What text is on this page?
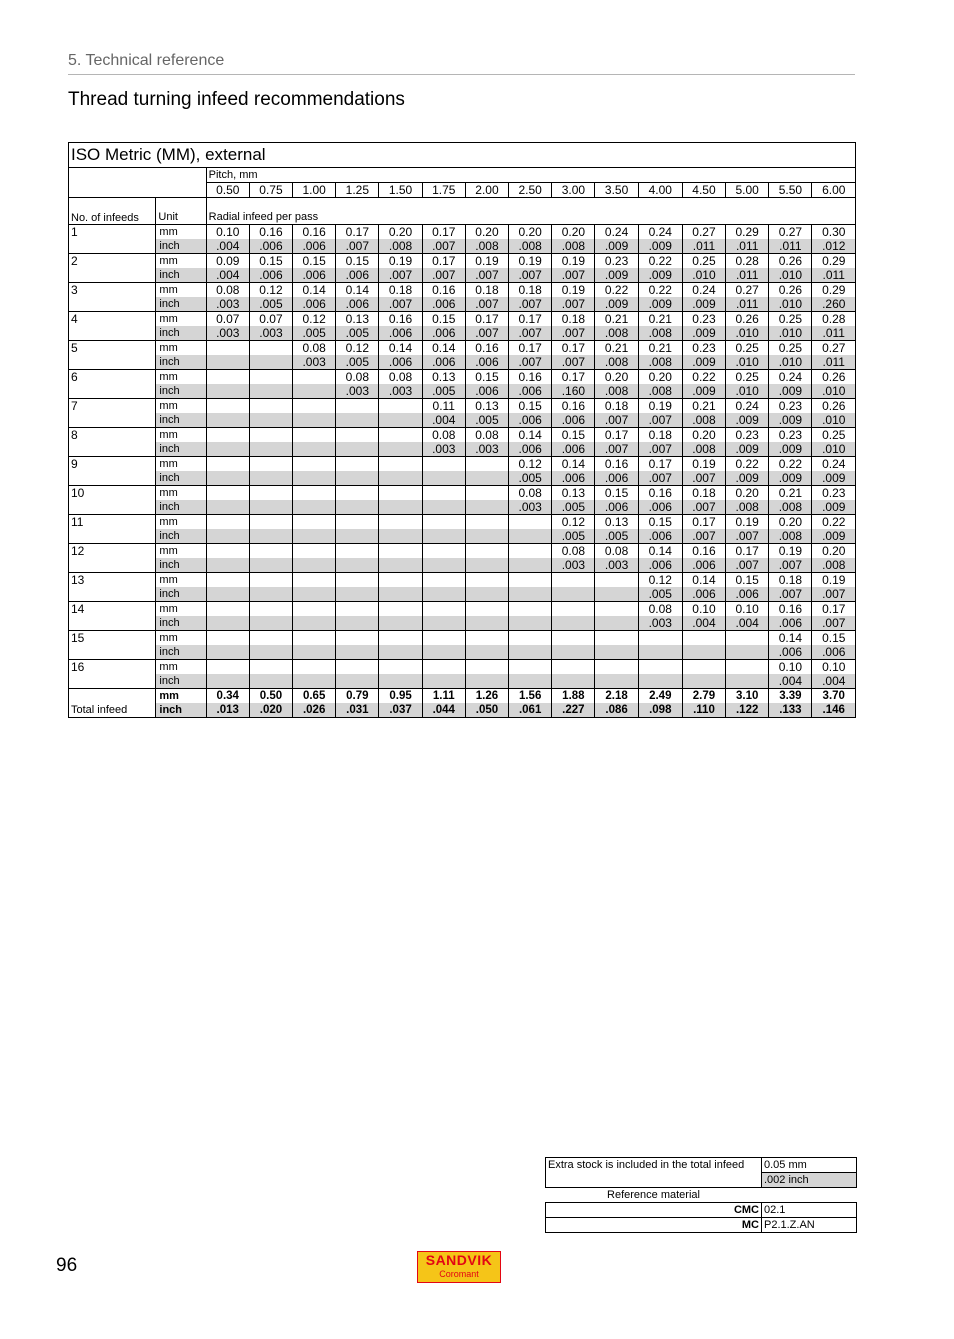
5. Technical reference
Thread turning infeed recommendations
ISO Metric (MM), external																
		Pitch, mm														
		0.50	0.75	1.00	1.25	1.50	1.75	2.00	2.50	3.00	3.50	4.00	4.50	5.00	5.50	6.00
No. of infeeds	Unit	Radial infeed per pass														
1	mm	0.10	0.16	0.16	0.17	0.20	0.17	0.20	0.20	0.20	0.24	0.24	0.27	0.29	0.27	0.30
	inch	.004	.006	.006	.007	.008	.007	.008	.008	.008	.009	.009	.011	.011	.011	.012
2	mm	0.09	0.15	0.15	0.15	0.19	0.17	0.19	0.19	0.19	0.23	0.22	0.25	0.28	0.26	0.29
	inch	.004	.006	.006	.006	.007	.007	.007	.007	.007	.009	.009	.010	.011	.010	.011
3	mm	0.08	0.12	0.14	0.14	0.18	0.16	0.18	0.18	0.19	0.22	0.22	0.24	0.27	0.26	0.29
	inch	.003	.005	.006	.006	.007	.006	.007	.007	.007	.009	.009	.009	.011	.010	.260
4	mm	0.07	0.07	0.12	0.13	0.16	0.15	0.17	0.17	0.18	0.21	0.21	0.23	0.26	0.25	0.28
	inch	.003	.003	.005	.005	.006	.006	.007	.007	.007	.008	.008	.009	.010	.010	.011
5	mm			0.08	0.12	0.14	0.14	0.16	0.17	0.17	0.21	0.21	0.23	0.25	0.25	0.27
	inch			.003	.005	.006	.006	.006	.007	.007	.008	.008	.009	.010	.010	.011
6	mm				0.08	0.08	0.13	0.15	0.16	0.17	0.20	0.20	0.22	0.25	0.24	0.26
	inch				.003	.003	.005	.006	.006	.160	.008	.008	.009	.010	.009	.010
7	mm						0.11	0.13	0.15	0.16	0.18	0.19	0.21	0.24	0.23	0.26
	inch						.004	.005	.006	.006	.007	.007	.008	.009	.009	.010
8	mm						0.08	0.08	0.14	0.15	0.17	0.18	0.20	0.23	0.23	0.25
	inch						.003	.003	.006	.006	.007	.007	.008	.009	.009	.010
9	mm								0.12	0.14	0.16	0.17	0.19	0.22	0.22	0.24
	inch								.005	.006	.006	.007	.007	.009	.009	.009
10	mm								0.08	0.13	0.15	0.16	0.18	0.20	0.21	0.23
	inch								.003	.005	.006	.006	.007	.008	.008	.009
11	mm									0.12	0.13	0.15	0.17	0.19	0.20	0.22
	inch									.005	.005	.006	.007	.007	.008	.009
12	mm									0.08	0.08	0.14	0.16	0.17	0.19	0.20
	inch									.003	.003	.006	.006	.007	.007	.008
13	mm											0.12	0.14	0.15	0.18	0.19
	inch											.005	.006	.006	.007	.007
14	mm											0.08	0.10	0.10	0.16	0.17
	inch											.003	.004	.004	.006	.007
15	mm														0.14	0.15
	inch														.006	.006
16	mm														0.10	0.10
	inch														.004	.004
Total infeed	mm	0.34	0.50	0.65	0.79	0.95	1.11	1.26	1.56	1.88	2.18	2.49	2.79	3.10	3.39	3.70
	inch	.013	.020	.026	.031	.037	.044	.050	.061	.227	.086	.098	.110	.122	.133	.146
Extra stock is included in the total infeed	0.05 mm
	.002 inch
Reference material	
CMC	02.1
MC	P2.1.Z.AN
96	SANDVIK
Coromant
